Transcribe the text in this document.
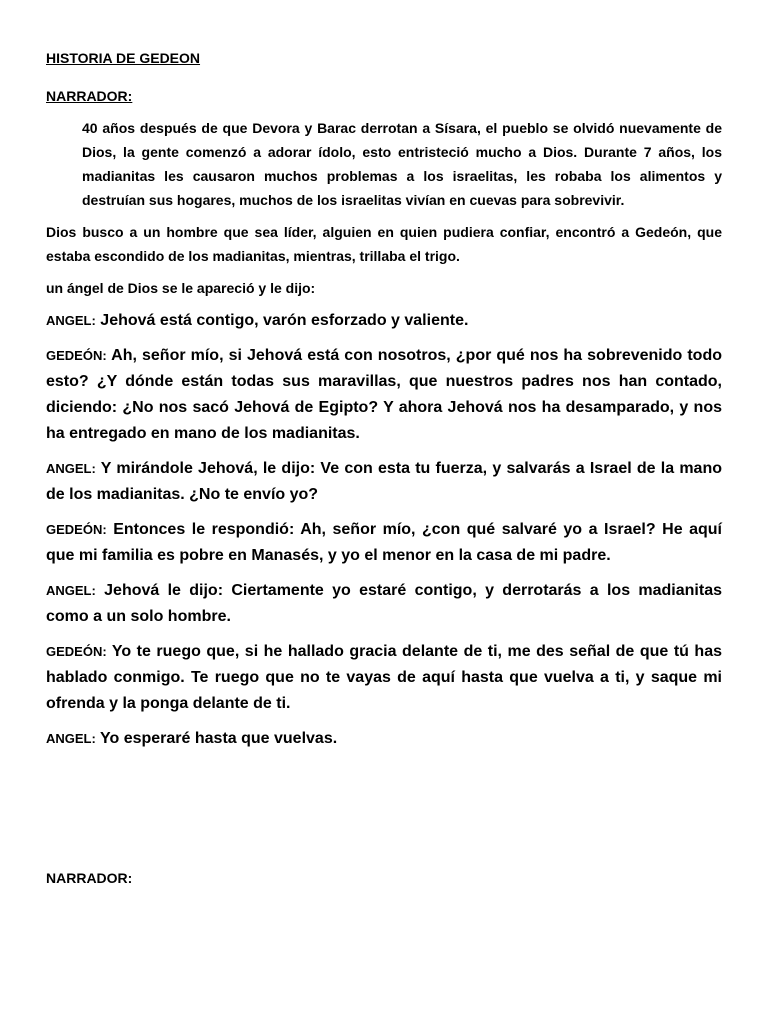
HISTORIA DE GEDEON
NARRADOR:

40 años después de que Devora y Barac derrotan a Sísara, el pueblo se olvidó nuevamente de Dios, la gente comenzó a adorar ídolo, esto entristeció mucho a Dios. Durante 7 años, los madianitas les causaron muchos problemas a los israelitas, les robaba los alimentos y destruían sus hogares, muchos de los israelitas vivían en cuevas para sobrevivir.

Dios busco a un hombre que sea líder, alguien en quien pudiera confiar, encontró a Gedeón, que estaba escondido de los madianitas, mientras, trillaba el trigo.

un ángel de Dios se le apareció y le dijo:

ANGEL: Jehová está contigo, varón esforzado y valiente.

GEDEÓN: Ah, señor mío, si Jehová está con nosotros, ¿por qué nos ha sobrevenido todo esto? ¿Y dónde están todas sus maravillas, que nuestros padres nos han contado, diciendo: ¿No nos sacó Jehová de Egipto? Y ahora Jehová nos ha desamparado, y nos ha entregado en mano de los madianitas.

ANGEL: Y mirándole Jehová, le dijo: Ve con esta tu fuerza, y salvarás a Israel de la mano de los madianitas. ¿No te envío yo?

GEDEÓN: Entonces le respondió: Ah, señor mío, ¿con qué salvaré yo a Israel? He aquí que mi familia es pobre en Manasés, y yo el menor en la casa de mi padre.

ANGEL: Jehová le dijo: Ciertamente yo estaré contigo, y derrotarás a los madianitas como a un solo hombre.

GEDEÓN: Yo te ruego que, si he hallado gracia delante de ti, me des señal de que tú has hablado conmigo. Te ruego que no te vayas de aquí hasta que vuelva a ti, y saque mi ofrenda y la ponga delante de ti.

ANGEL: Yo esperaré hasta que vuelvas.

NARRADOR:
